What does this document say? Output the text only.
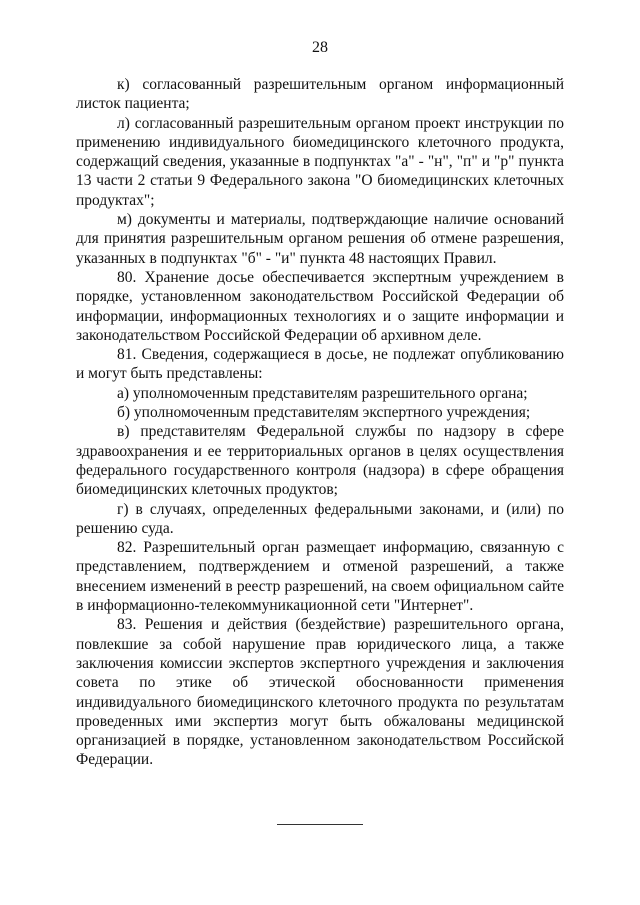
28

к) согласованный разрешительным органом информационный листок пациента;

л) согласованный разрешительным органом проект инструкции по применению индивидуального биомедицинского клеточного продукта, содержащий сведения, указанные в подпунктах "а" - "н", "п" и "р" пункта 13 части 2 статьи 9 Федерального закона "О биомедицинских клеточных продуктах";

м) документы и материалы, подтверждающие наличие оснований для принятия разрешительным органом решения об отмене разрешения, указанных в подпунктах "б" - "и" пункта 48 настоящих Правил.

80. Хранение досье обеспечивается экспертным учреждением в порядке, установленном законодательством Российской Федерации об информации, информационных технологиях и о защите информации и законодательством Российской Федерации об архивном деле.

81. Сведения, содержащиеся в досье, не подлежат опубликованию и могут быть представлены:

а) уполномоченным представителям разрешительного органа;

б) уполномоченным представителям экспертного учреждения;

в) представителям Федеральной службы по надзору в сфере здравоохранения и ее территориальных органов в целях осуществления федерального государственного контроля (надзора) в сфере обращения биомедицинских клеточных продуктов;

г) в случаях, определенных федеральными законами, и (или) по решению суда.

82. Разрешительный орган размещает информацию, связанную с представлением, подтверждением и отменой разрешений, а также внесением изменений в реестр разрешений, на своем официальном сайте в информационно-телекоммуникационной сети "Интернет".

83. Решения и действия (бездействие) разрешительного органа, повлекшие за собой нарушение прав юридического лица, а также заключения комиссии экспертов экспертного учреждения и заключения совета по этике об этической обоснованности применения индивидуального биомедицинского клеточного продукта по результатам проведенных ими экспертиз могут быть обжалованы медицинской организацией в порядке, установленном законодательством Российской Федерации.
